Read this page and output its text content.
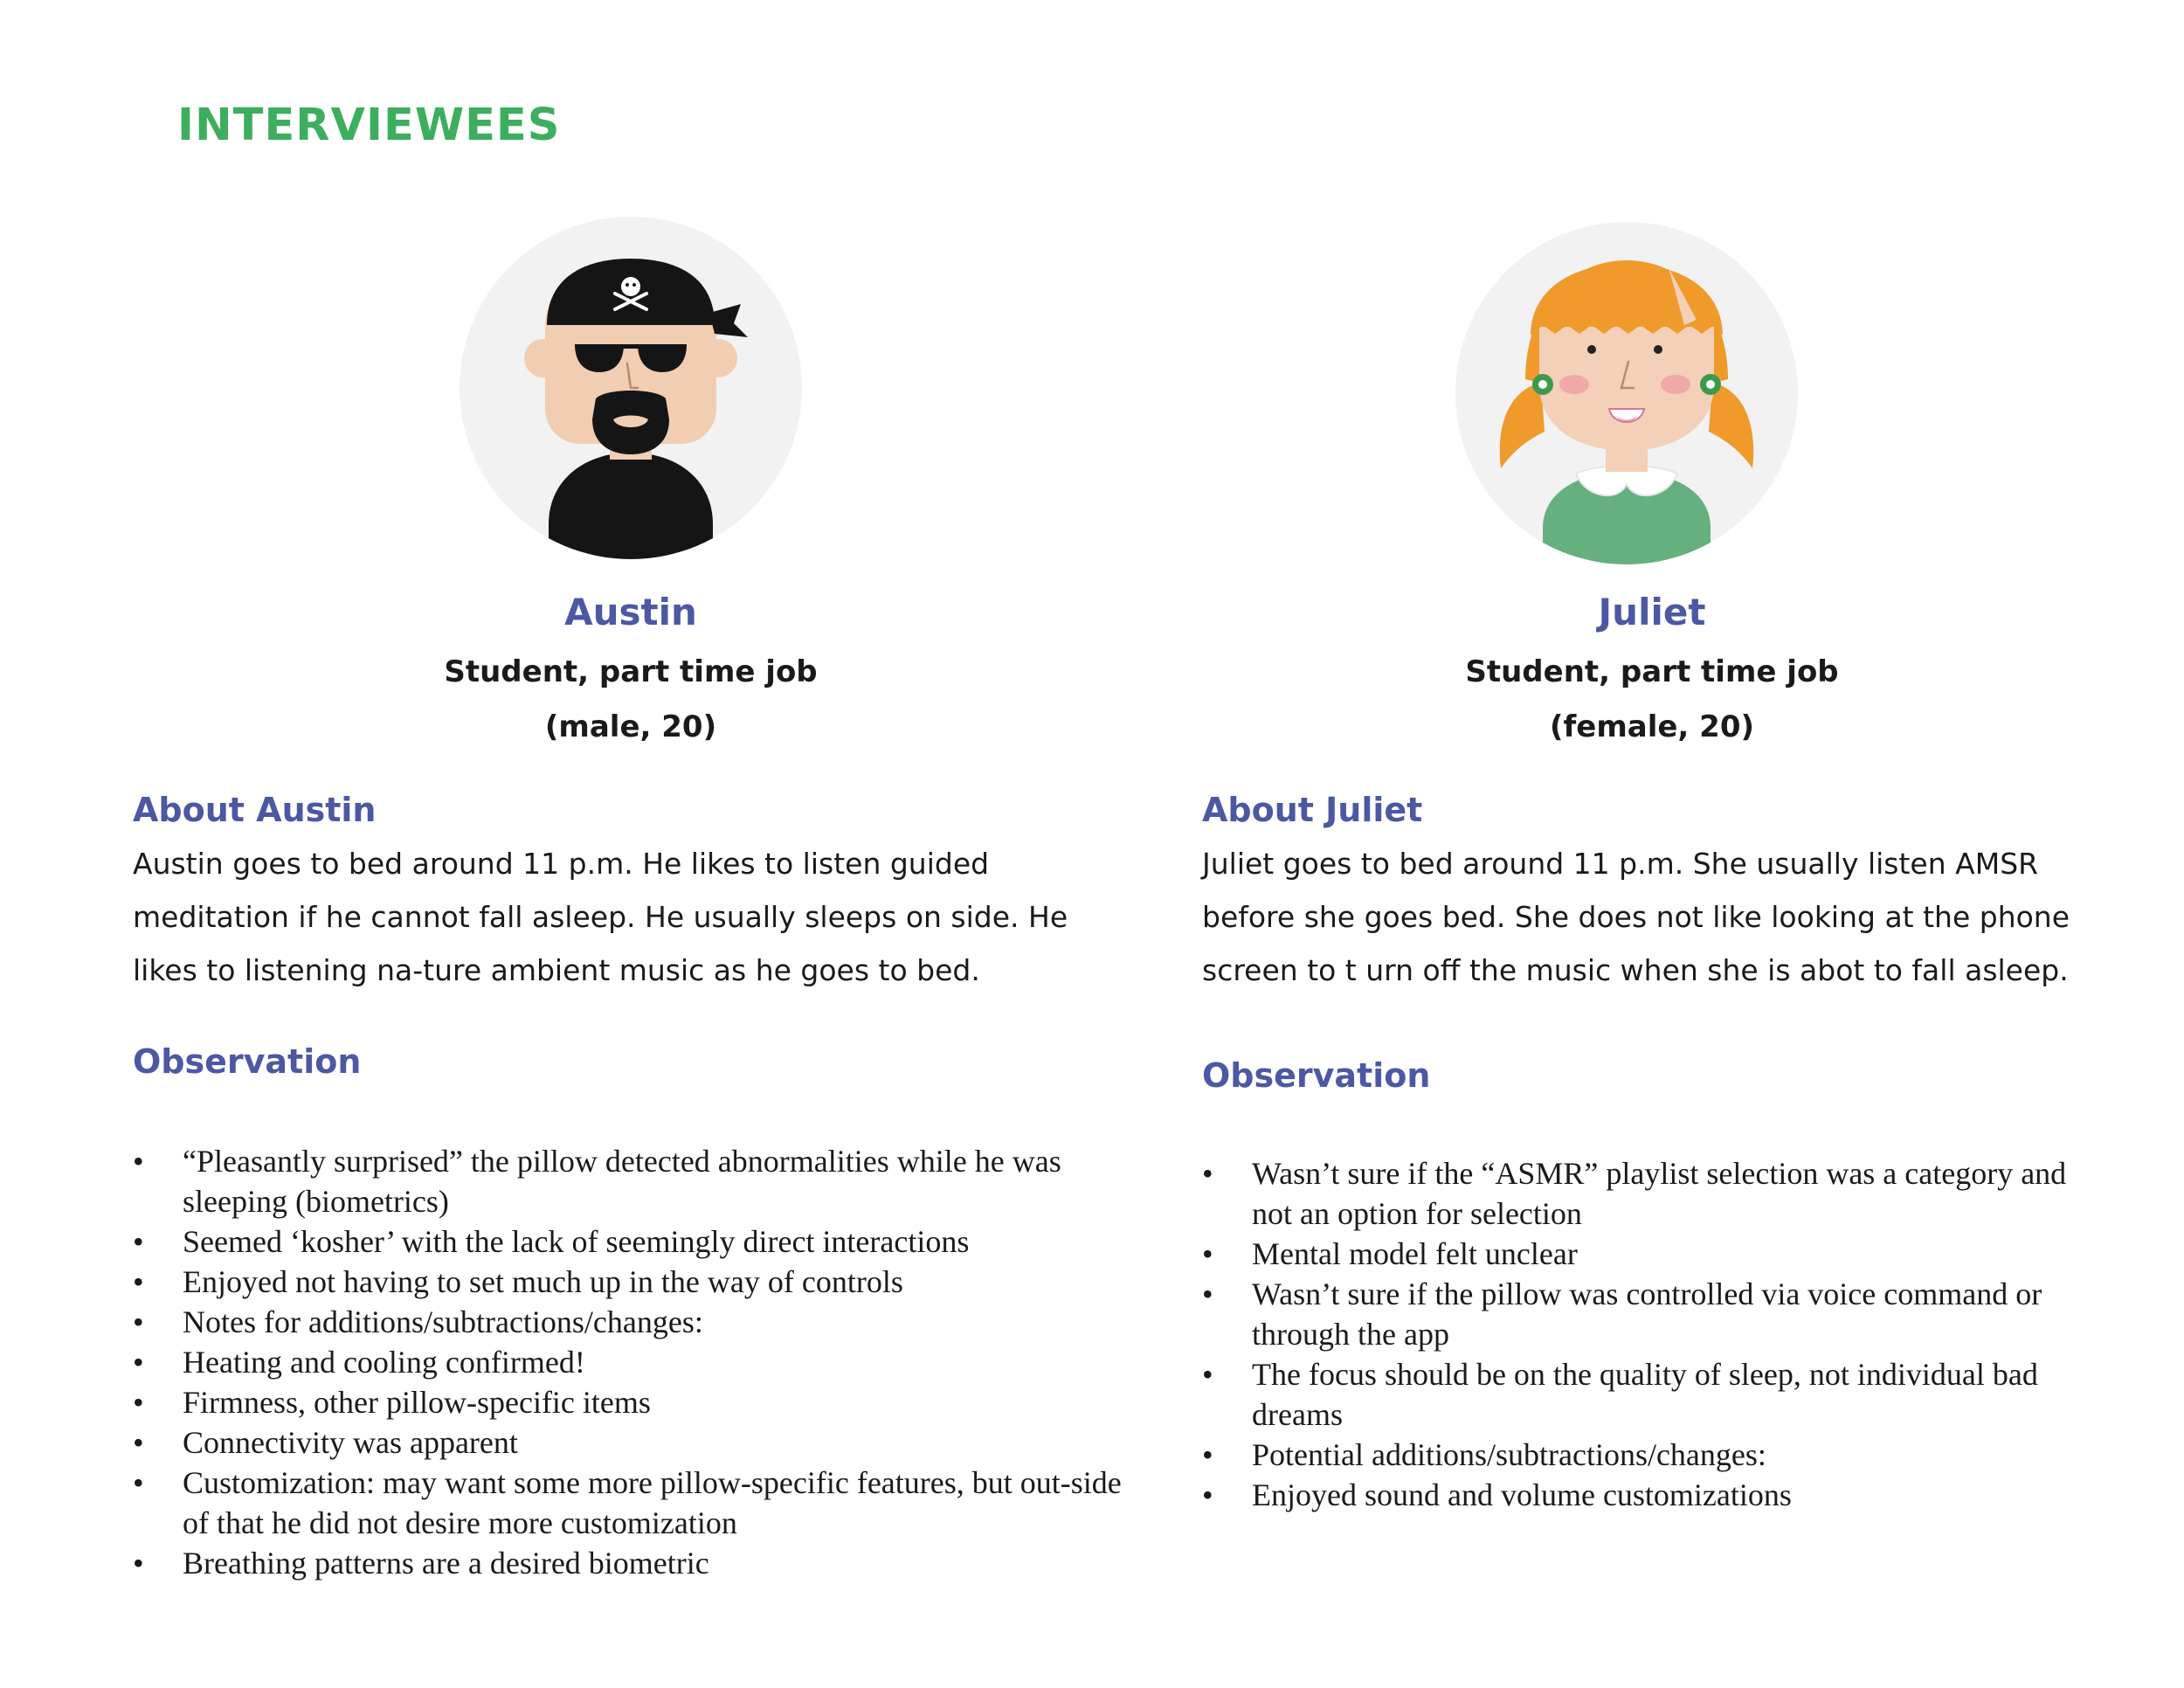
INTERVIEWEES
Austin
Student, part time job
(male, 20)
About Austin

Austin goes to bed around 11 p.m. He likes to listen guided meditation if he cannot fall asleep. He usually sleeps on side. He likes to listening na-ture ambient music as he goes to bed.

Observation
• “Pleasantly surprised” the pillow detected abnormalities while he was sleeping (biometrics)
• Seemed ‘kosher’ with the lack of seemingly direct interactions
• Enjoyed not having to set much up in the way of controls
• Notes for additions/subtractions/changes:
• Heating and cooling confirmed!
• Firmness, other pillow-specific items
• Connectivity was apparent
• Customization: may want some more pillow-specific features, but out-side of that he did not desire more customization
• Breathing patterns are a desired biometric
Juliet
Student, part time job
(female, 20)
About Juliet

Juliet goes to bed around 11 p.m. She usually listen AMSR before she goes bed. She does not like looking at the phone screen to t urn off the music when she is abot to fall asleep.

Observation
• Wasn’t sure if the “ASMR” playlist selection was a category and not an option for selection
• Mental model felt unclear
• Wasn’t sure if the pillow was controlled via voice command or through the app
• The focus should be on the quality of sleep, not individual bad dreams
• Potential additions/subtractions/changes:
• Enjoyed sound and volume customizations
